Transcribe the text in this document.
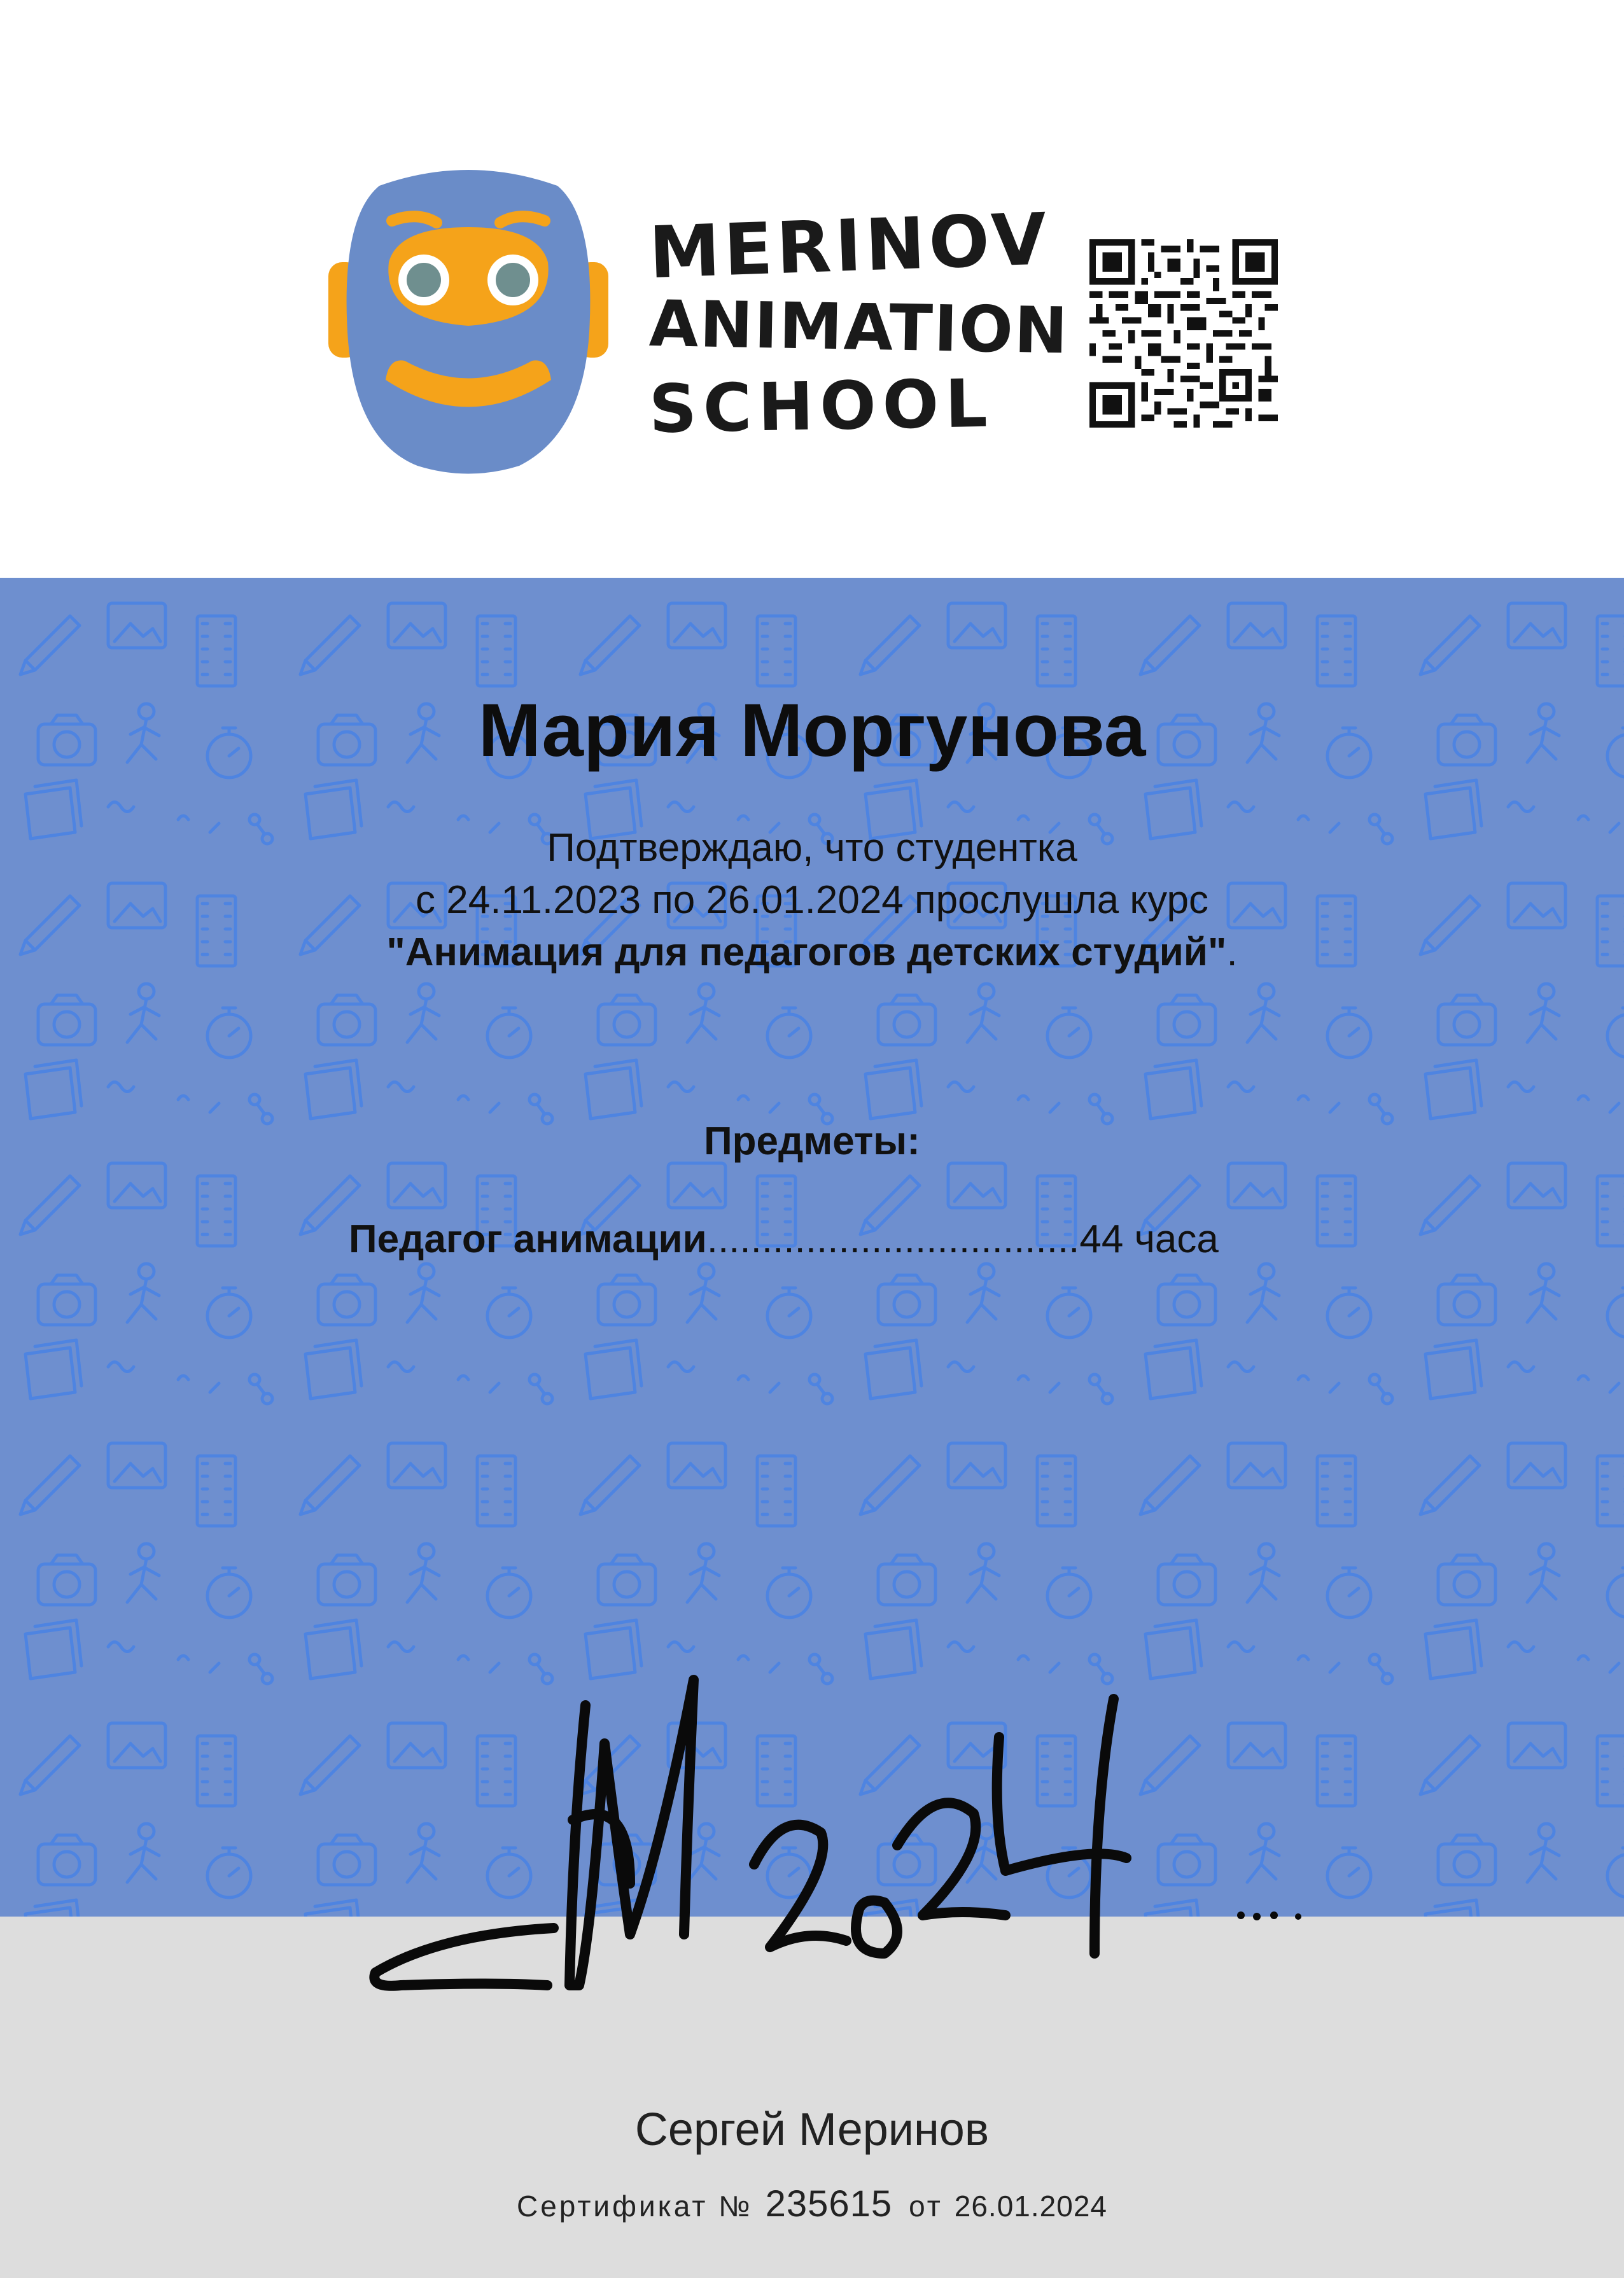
MERINOV
ANIMATION
SCHOOL
Мария Моргунова
Подтверждаю, что студентка
с 24.11.2023 по 26.01.2024 прослушла курс
"Анимация для педагогов детских студий".
Предметы:
Педагог анимации..................................44 часа
Сергей Меринов
Сертификат № 235615 от 26.01.2024
